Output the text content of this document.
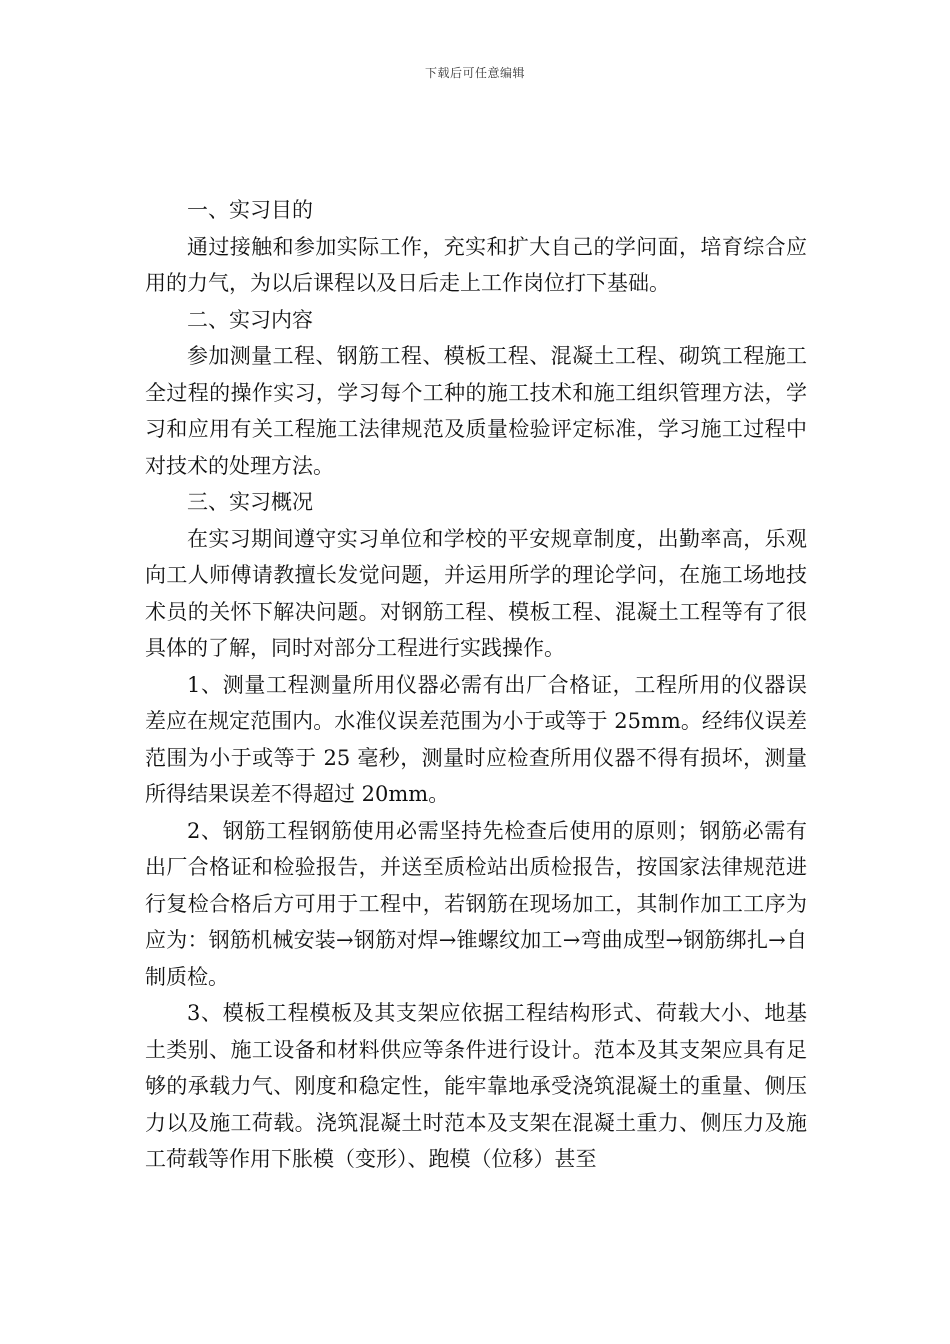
下载后可任意编辑

一、实习目的

通过接触和参加实际工作，充实和扩大自己的学问面，培育综合应用的力气，为以后课程以及日后走上工作岗位打下基础。

二、实习内容

参加测量工程、钢筋工程、模板工程、混凝土工程、砌筑工程施工全过程的操作实习，学习每个工种的施工技术和施工组织管理方法，学习和应用有关工程施工法律规范及质量检验评定标准，学习施工过程中对技术的处理方法。

三、实习概况

在实习期间遵守实习单位和学校的平安规章制度，出勤率高，乐观向工人师傅请教擅长发觉问题，并运用所学的理论学问，在施工场地技术员的关怀下解决问题。对钢筋工程、模板工程、混凝土工程等有了很具体的了解，同时对部分工程进行实践操作。

1、测量工程测量所用仪器必需有出厂合格证，工程所用的仪器误差应在规定范围内。水准仪误差范围为小于或等于 25mm。经纬仪误差范围为小于或等于 25 毫秒，测量时应检查所用仪器不得有损坏，测量所得结果误差不得超过 20mm。

2、钢筋工程钢筋使用必需坚持先检查后使用的原则；钢筋必需有出厂合格证和检验报告，并送至质检站出质检报告，按国家法律规范进行复检合格后方可用于工程中，若钢筋在现场加工，其制作加工工序为应为：钢筋机械安装→钢筋对焊→锥螺纹加工→弯曲成型→钢筋绑扎→自制质检。

3、模板工程模板及其支架应依据工程结构形式、荷载大小、地基土类别、施工设备和材料供应等条件进行设计。范本及其支架应具有足够的承载力气、刚度和稳定性，能牢靠地承受浇筑混凝土的重量、侧压力以及施工荷载。浇筑混凝土时范本及支架在混凝土重力、侧压力及施工荷载等作用下胀模（变形）、跑模（位移）甚至
